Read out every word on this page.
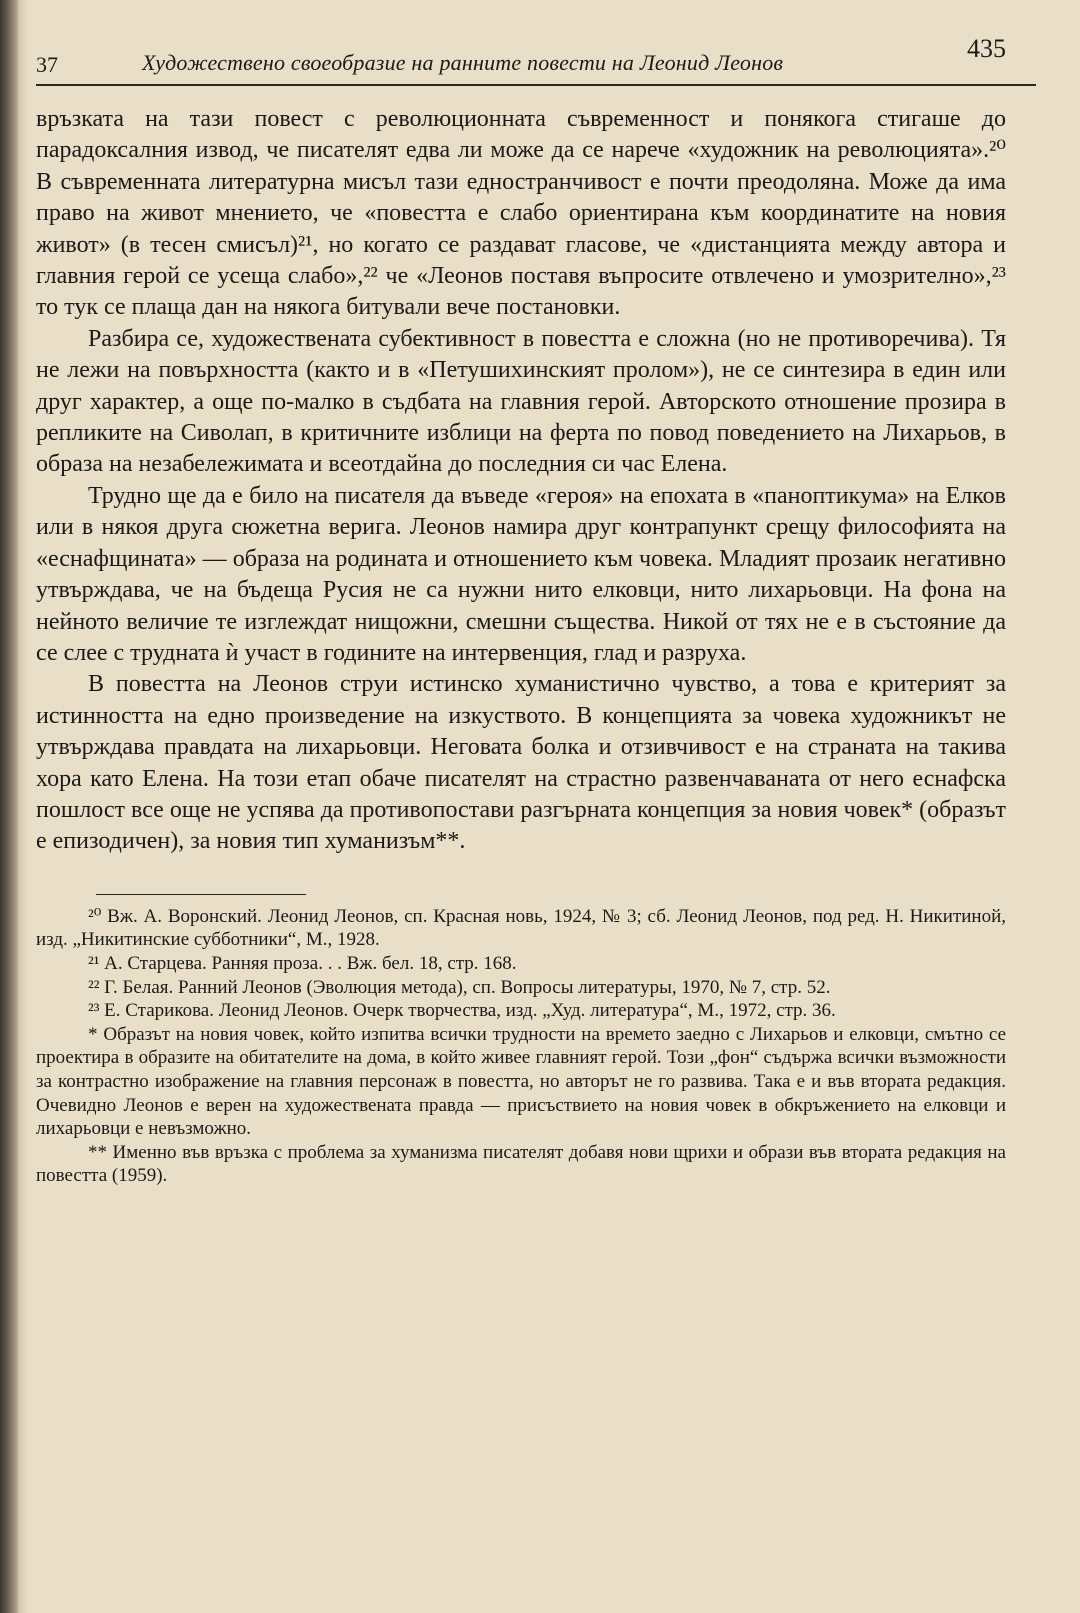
37	Художествено своеобразие на ранните повести на Леонид Леонов	435

връзката на тази повест с революционната съвременност и понякога стигаше до парадоксалния извод, че писателят едва ли може да се нарече «художник на революцията».²⁰ В съвременната литературна мисъл тази едностранчивост е почти преодоляна. Може да има право на живот мнението, че «повестта е слабо ориентирана към координатите на новия живот» (в тесен смисъл)²¹, но когато се раздават гласове, че «дистанцията между автора и главния герой се усеща слабо»,²² че «Леонов поставя въпросите отвлечено и умозрително»,²³ то тук се плаща дан на някога битували вече постановки.

Разбира се, художествената субективност в повестта е сложна (но не противоречива). Тя не лежи на повърхността (както и в «Петушихинският пролом»), не се синтезира в един или друг характер, а още по-малко в съдбата на главния герой. Авторското отношение прозира в репликите на Сиволап, в критичните изблици на ферта по повод поведението на Лихарьов, в образа на незабележимата и всеотдайна до последния си час Елена.

Трудно ще да е било на писателя да въведе «героя» на епохата в «паноптикума» на Елков или в някоя друга сюжетна верига. Леонов намира друг контрапункт срещу философията на «еснафщината» — образа на родината и отношението към човека. Младият прозаик негативно утвърждава, че на бъдеща Русия не са нужни нито елковци, нито лихарьовци. На фона на нейното величие те изглеждат нищожни, смешни същества. Никой от тях не е в състояние да се слее с трудната ѝ участ в годините на интервенция, глад и разруха.

В повестта на Леонов струи истинско хуманистично чувство, а това е критерият за истинността на едно произведение на изкуството. В концепцията за човека художникът не утвърждава правдата на лихарьовци. Неговата болка и отзивчивост е на страната на такива хора като Елена. На този етап обаче писателят на страстно развенчаваната от него еснафска пошлост все още не успява да противопостави разгърната концепция за новия човек* (образът е епизодичен), за новия тип хуманизъм**.

²⁰ Вж. А. Воронский. Леонид Леонов, сп. Красная новь, 1924, № 3; сб. Леонид Леонов, под ред. Н. Никитиной, изд. „Никитинские субботники“, М., 1928.

²¹ А. Старцева. Ранняя проза. . . Вж. бел. 18, стр. 168.

²² Г. Белая. Ранний Леонов (Эволюция метода), сп. Вопросы литературы, 1970, № 7, стр. 52.

²³ Е. Старикова. Леонид Леонов. Очерк творчества, изд. „Худ. литература“, М., 1972, стр. 36.

* Образът на новия човек, който изпитва всички трудности на времето заедно с Лихарьов и елковци, смътно се проектира в образите на обитателите на дома, в който живее главният герой. Този „фон“ съдържа всички възможности за контрастно изображение на главния персонаж в повестта, но авторът не го развива. Така е и във втората редакция. Очевидно Леонов е верен на художествената правда — присъствието на новия човек в обкръжението на елковци и лихарьовци е невъзможно.

** Именно във връзка с проблема за хуманизма писателят добавя нови щрихи и образи във втората редакция на повестта (1959).
